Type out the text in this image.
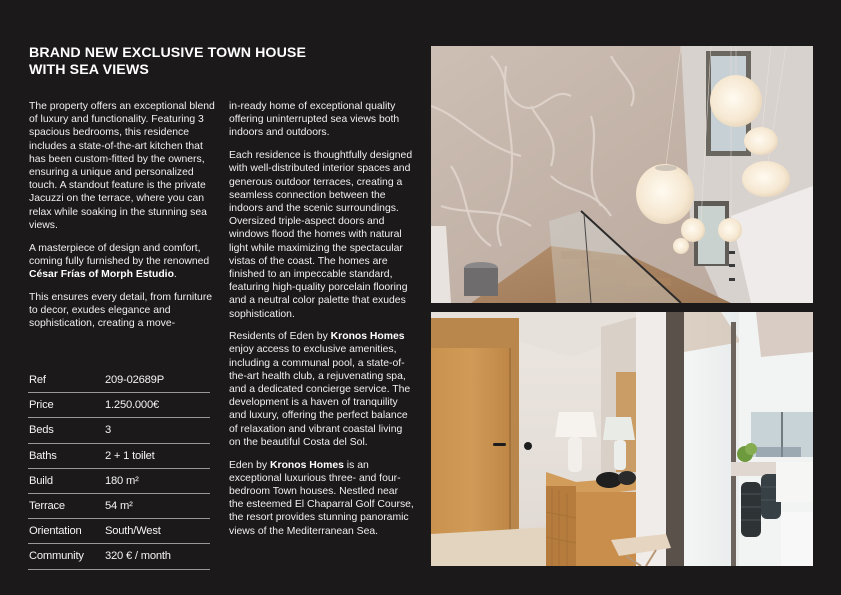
BRAND NEW EXCLUSIVE TOWN HOUSE
WITH SEA VIEWS

The property offers an exceptional blend of luxury and functionality. Featuring 3 spacious bedrooms, this residence includes a state-of-the-art kitchen that has been custom-fitted by the owners, ensuring a unique and personalized touch. A standout feature is the private Jacuzzi on the terrace, where you can relax while soaking in the stunning sea views.

A masterpiece of design and comfort, coming fully furnished by the renowned César Frías of Morph Estudio.

This ensures every detail, from furniture to decor, exudes elegance and sophistication, creating a move-

in-ready home of exceptional quality offering uninterrupted sea views both indoors and outdoors.

Each residence is thoughtfully designed with well-distributed interior spaces and generous outdoor terraces, creating a seamless connection between the indoors and the scenic surroundings. Oversized triple-aspect doors and windows flood the homes with natural light while maximizing the spectacular vistas of the coast. The homes are finished to an impeccable standard, featuring high-quality porcelain flooring and a neutral color palette that exudes sophistication.

Residents of Eden by Kronos Homes enjoy access to exclusive amenities, including a communal pool, a state-of-the-art health club, a rejuvenating spa, and a dedicated concierge service. The development is a haven of tranquility and luxury, offering the perfect balance of relaxation and vibrant coastal living on the beautiful Costa del Sol.

Eden by Kronos Homes is an exceptional luxurious three- and four-bedroom Town houses. Nestled near the esteemed El Chaparral Golf Course, the resort provides stunning panoramic views of the Mediterranean Sea.

Ref	209-02689P
Price	1.250.000€
Beds	3
Baths	2 + 1 toilet
Build	180 m²
Terrace	54 m²
Orientation	South/West
Community	320 € / month
